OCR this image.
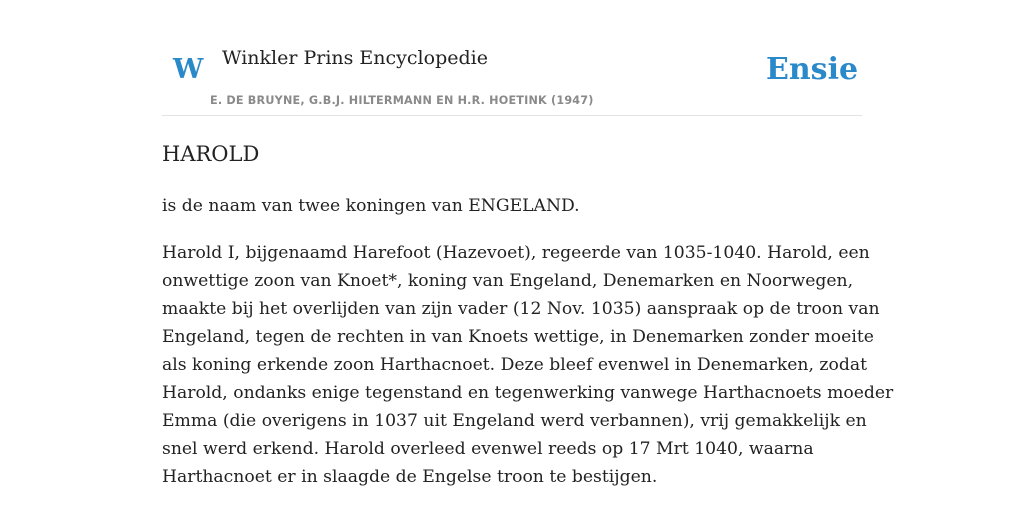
W Winkler Prins Encyclopedie
E. DE BRUYNE, G.B.J. HILTERMANN EN H.R. HOETINK (1947)
Ensie
HAROLD

is de naam van twee koningen van ENGELAND.

Harold I, bijgenaamd Harefoot (Hazevoet), regeerde van 1035-1040. Harold, een
onwettige zoon van Knoet*, koning van Engeland, Denemarken en Noorwegen,
maakte bij het overlijden van zijn vader (12 Nov. 1035) aanspraak op de troon van
Engeland, tegen de rechten in van Knoets wettige, in Denemarken zonder moeite
als koning erkende zoon Harthacnoet. Deze bleef evenwel in Denemarken, zodat
Harold, ondanks enige tegenstand en tegenwerking vanwege Harthacnoets moeder
Emma (die overigens in 1037 uit Engeland werd verbannen), vrij gemakkelijk en
snel werd erkend. Harold overleed evenwel reeds op 17 Mrt 1040, waarna
Harthacnoet er in slaagde de Engelse troon te bestijgen.
